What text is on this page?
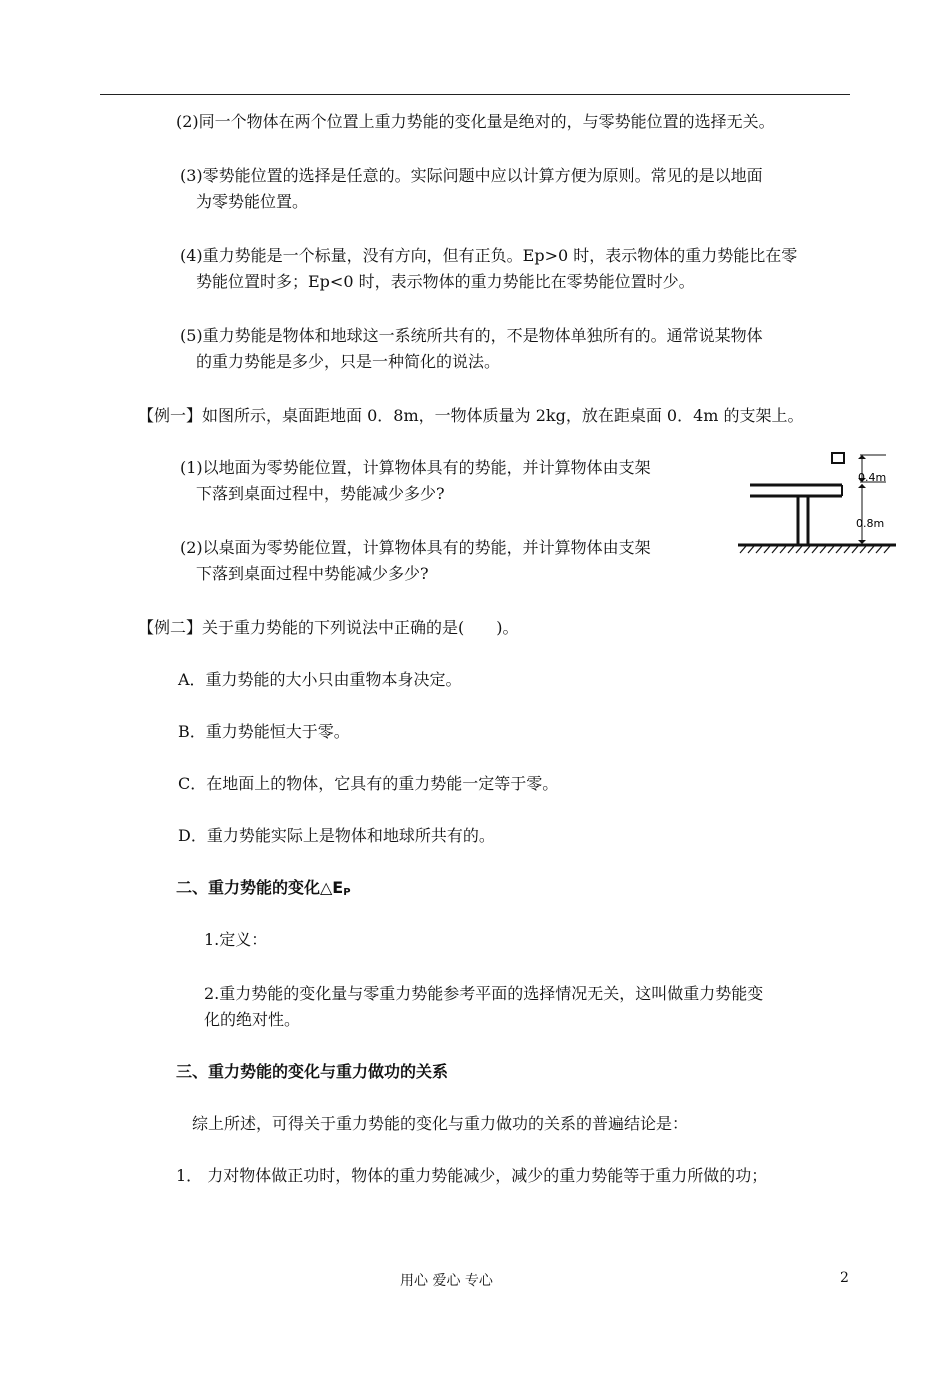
(2)同一个物体在两个位置上重力势能的变化量是绝对的，与零势能位置的选择无关。
(3)零势能位置的选择是任意的。实际问题中应以计算方便为原则。常见的是以地面
为零势能位置。
(4)重力势能是一个标量，没有方向，但有正负。Ep>0 时，表示物体的重力势能比在零
势能位置时多；Ep<0 时，表示物体的重力势能比在零势能位置时少。
(5)重力势能是物体和地球这一系统所共有的，不是物体单独所有的。通常说某物体
的重力势能是多少，只是一种简化的说法。
【例一】如图所示，桌面距地面 0．8m，一物体质量为 2kg，放在距桌面 0．4m 的支架上。
(1)以地面为零势能位置，计算物体具有的势能，并计算物体由支架
下落到桌面过程中，势能减少多少?
(2)以桌面为零势能位置，计算物体具有的势能，并计算物体由支架
下落到桌面过程中势能减少多少?
0.4m
0.8m
【例二】关于重力势能的下列说法中正确的是(　　)。
A．重力势能的大小只由重物本身决定。
B．重力势能恒大于零。
C．在地面上的物体，它具有的重力势能一定等于零。
D．重力势能实际上是物体和地球所共有的。
二、重力势能的变化$\triangle E_P$
1.定义：
2.重力势能的变化量与零重力势能参考平面的选择情况无关，这叫做重力势能变
化的绝对性。
三、重力势能的变化与重力做功的关系
综上所述，可得关于重力势能的变化与重力做功的关系的普遍结论是：
1． 力对物体做正功时，物体的重力势能减少，减少的重力势能等于重力所做的功；
用心 爱心 专心	2
